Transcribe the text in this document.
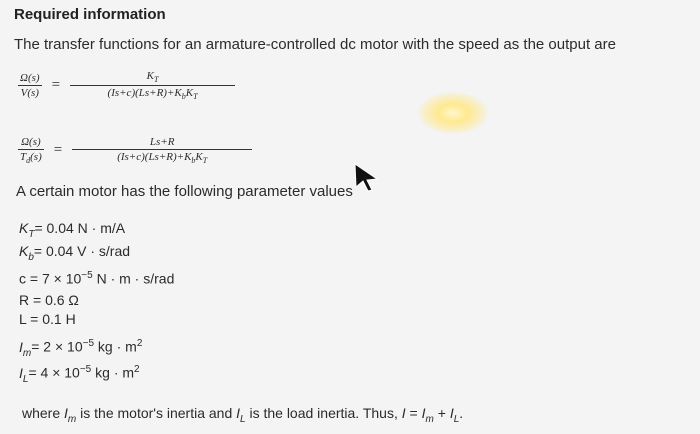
Required information
The transfer functions for an armature-controlled dc motor with the speed as the output are
$\frac{\Omega(s)}{V(s)} = \frac{K_T}{(Is+c)(Ls+R)+K_bK_T}$
$\frac{\Omega(s)}{T_d(s)} = \frac{Ls+R}{(Is+c)(Ls+R)+K_bK_T}$
A certain motor has the following parameter values
$K_T= 0.04$ N · m/A
$K_b= 0.04$ V · s/rad
$c = 7 \times 10^{-5}$ N · m · s/rad
R = 0.6 Ω
L = 0.1 H
$I_m= 2 \times 10^{-5}$ kg · $m^2$
$I_L= 4 \times 10^{-5}$ kg · $m^2$
where $I_m$ is the motor's inertia and $I_L$ is the load inertia. Thus, $I = I_m + I_L$.
